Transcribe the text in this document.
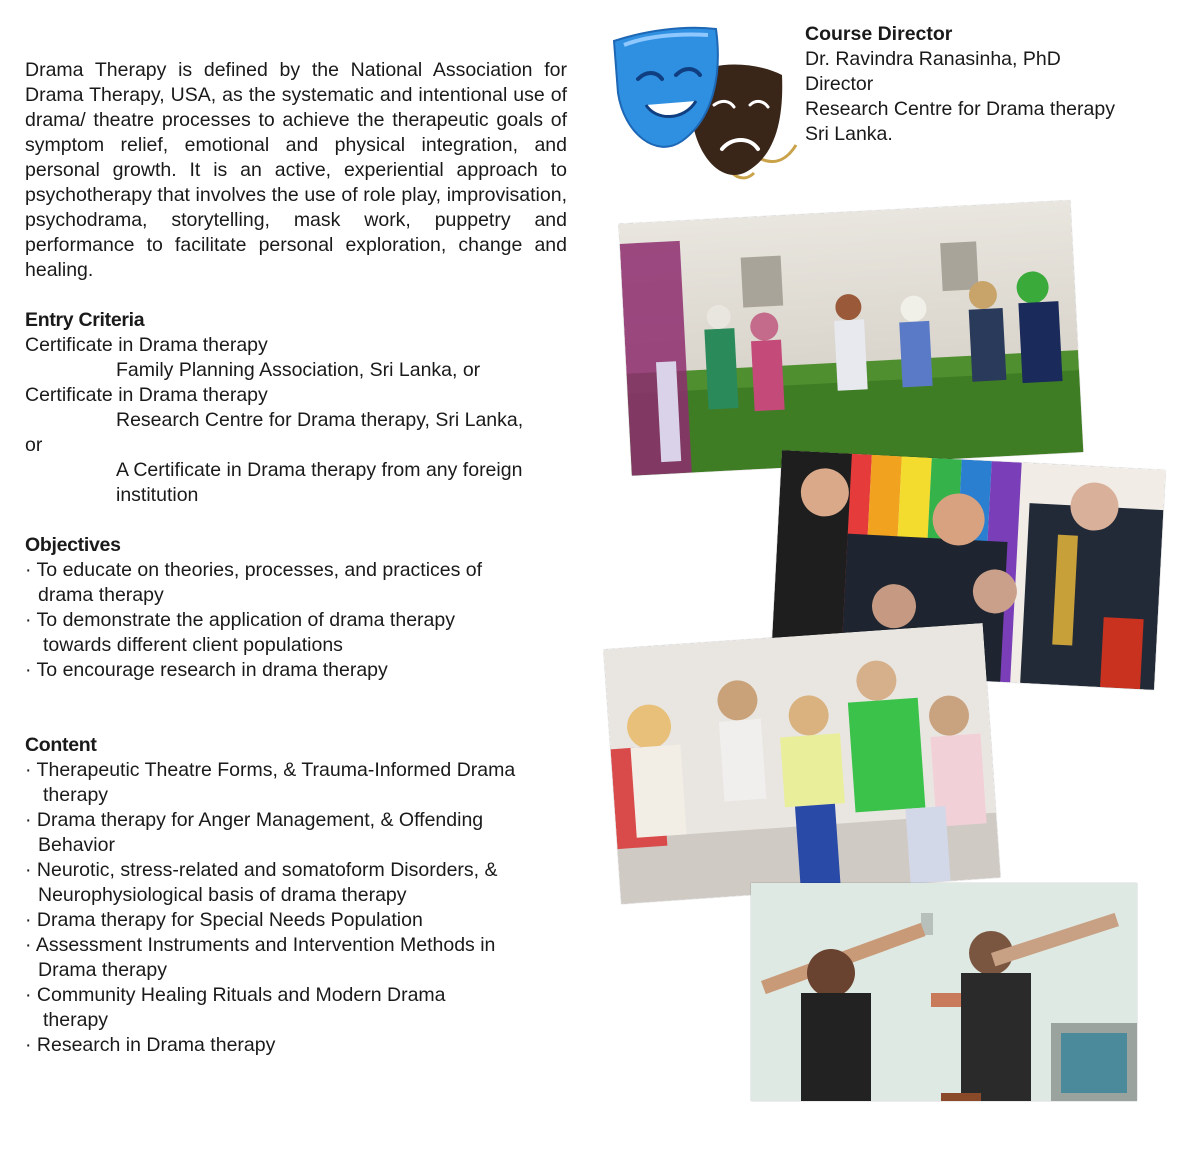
Drama Therapy is defined by the National Association for Drama Therapy, USA, as the systematic and intentional use of drama/ theatre processes to achieve the therapeutic goals of symptom relief, emotional and physical integration, and personal growth. It is an active, experiential approach to psychotherapy that involves the use of role play, improvisation, psychodrama, storytelling, mask work, puppetry and performance to facilitate personal exploration, change and healing.

Entry Criteria

Certificate in Drama therapy

Family Planning Association, Sri Lanka, or

Certificate in Drama therapy

Research Centre for Drama therapy, Sri Lanka,

or

A Certificate in Drama therapy from any foreign

institution

Objectives

· To educate on theories, processes, and practices of

drama therapy

· To demonstrate the application of drama therapy

towards different client populations

· To encourage research in drama therapy

Content

· Therapeutic Theatre Forms, & Trauma-Informed Drama

therapy

· Drama therapy for Anger Management, & Offending

Behavior

· Neurotic, stress-related and somatoform Disorders, &

Neurophysiological basis of drama therapy

· Drama therapy for Special Needs Population

· Assessment Instruments and Intervention Methods in

Drama therapy

· Community Healing Rituals and Modern Drama

therapy

· Research in Drama therapy

Course Director

Dr. Ravindra Ranasinha, PhD

Director

Research Centre for Drama therapy

Sri Lanka.
